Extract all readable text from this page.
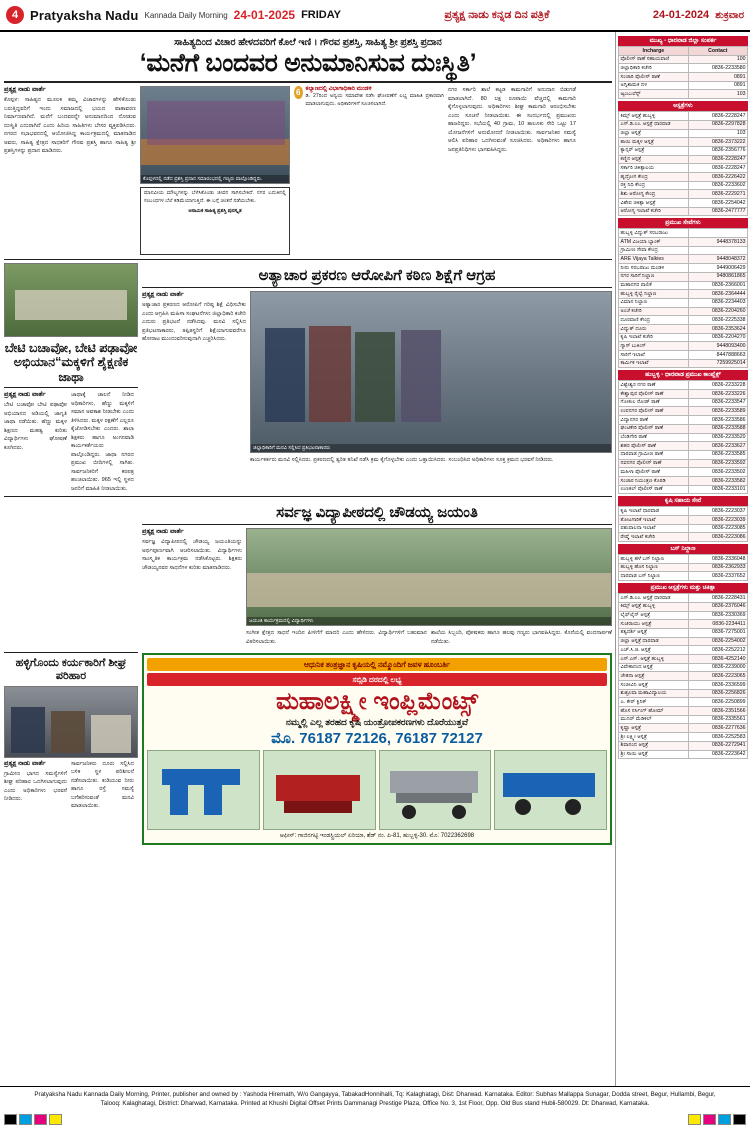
4 Pratyaksha Nadu Kannada Daily Morning 24-01-2025 FRIDAY	ಪ್ರತ್ಯಕ್ಷ ನಾಡು ಕನ್ನಡ ದಿನ ಪತ್ರಿಕೆ	24-01-2024 ಶುಕ್ರವಾರ
ಸಾಹಿತ್ಯದಿಂದ ವಿಚಾರ ಹೇಳದವರಿಗೆ ಕೊಲೆ ಇಣಿ । ಗೌರವ ಪ್ರಶಸ್ತಿ, ಸಾಹಿತ್ಯ ಶ್ರೀ ಪ್ರಶಸ್ತಿ ಪ್ರದಾನ
‘ಮನೆಗೆ ಬಂದವರ ಅನುಮಾನಿಸುವ ದುಃಸ್ಥಿತಿ’
ಪ್ರತ್ಯಕ್ಷ ನಾಡು ವಾರ್ತೆ
ಕೊಪ್ಪಳ: ಸಾಹಿತ್ಯದ ಮೂಲಕ ತಮ್ಮ ವಿಚಾರಗಳನ್ನು ಹೇಳಿಕೊಂಡು ಬರುತ್ತಿದ್ದವರಿಗೆ ಇಂದು ಸಮಾಜದಲ್ಲಿ ಭಯದ ವಾತಾವರಣ ನಿರ್ಮಾಣವಾಗಿದೆ. ಮನೆಗೆ ಬಂದವರನ್ನೇ ಅನುಮಾನದಿಂದ ನೋಡುವ ದುಃಸ್ಥಿತಿ ಎದುರಾಗಿದೆ ಎಂದು ಹಿರಿಯ ಸಾಹಿತಿಗಳು ಬೇಸರ ವ್ಯಕ್ತಪಡಿಸಿದರು. ನಗರದ ಸಭಾಭವನದಲ್ಲಿ ಆಯೋಜಿಸಿದ್ದ ಕಾರ್ಯಕ್ರಮದಲ್ಲಿ ಮಾತನಾಡಿದ ಅವರು, ಸಾಹಿತ್ಯ ಕ್ಷೇತ್ರದ ಸಾಧಕರಿಗೆ ಗೌರವ ಪ್ರಶಸ್ತಿ ಹಾಗೂ ಸಾಹಿತ್ಯ ಶ್ರೀ ಪ್ರಶಸ್ತಿಗಳನ್ನು ಪ್ರದಾನ ಮಾಡಿದರು.
ಕೊಪ್ಪಳದಲ್ಲಿ ನಡೆದ ಪ್ರಶಸ್ತಿ ಪ್ರದಾನ ಸಮಾರಂಭದಲ್ಲಿ ಗಣ್ಯರು ಪಾಲ್ಗೊಂಡಿದ್ದರು.
ಮಾನವೀಯ ಮೌಲ್ಯಗಳನ್ನು ಬೆಳೆಸಿಕೊಂಡು ಜೀವನ ಸಾಗಿಸಬೇಕಿದೆ. ನಗರ ಬದುಕಿನಲ್ಲಿ ಸಂಬಂಧಗಳ ಬೆಲೆ ಕಡಿಮೆಯಾಗುತ್ತಿದೆ. ಈ ಬಗ್ಗೆ ಚಿಂತನೆ ನಡೆಯಬೇಕು.
ಅನಾಮಿಕ ಸಾಹಿತ್ಯ ಪ್ರಶಸ್ತಿ ಪುರಸ್ಕೃತ
6 ಕಲ್ಯಾಣದಲ್ಲಿ ವಿಭಾಗಾಧಿಕಾರಿ ಮಂಡಳಿ
ಡಿ. 27ರಿಂದ ಅನ್ವಯ ಸಮಾವೇಶ ನಡೆಸಿ ಘೋಷಣೆಗೆ ಲಭ್ಯ ಮಾಹಿತಿ ಪ್ರಕಾರವಾಗಿ ಮಾಡಲಾಗುವುದು. ಅಧಿಕಾರಿಗಳಿಗೆ ಸೂಚಿಸಲಾಗಿದೆ.
ನಗರ ಸರ್ಕಾರಿ ಶಾಲೆ ಕಟ್ಟಡ ಕಾಮಗಾರಿಗೆ ಅನುದಾನ ಬಿಡುಗಡೆ ಮಾಡಲಾಗಿದೆ. 80 ಲಕ್ಷ ರೂಪಾಯಿ ವೆಚ್ಚದಲ್ಲಿ ಕಾಮಗಾರಿ ಕೈಗೊಳ್ಳಲಾಗುವುದು. ಅಧಿಕಾರಿಗಳು ಶೀಘ್ರ ಕಾಮಗಾರಿ ಆರಂಭಿಸಬೇಕು ಎಂದು ಸೂಚನೆ ನೀಡಲಾಯಿತು. ಈ ಸಂದರ್ಭದಲ್ಲಿ ಪ್ರಮುಖರು ಹಾಜರಿದ್ದರು. ಸಭೆಯಲ್ಲಿ 40 ಗ್ರಾಮ, 10 ತಾಲೂಕು ಸೇರಿ ಒಟ್ಟು 17 ಯೋಜನೆಗಳಿಗೆ ಅನುಮೋದನೆ ನೀಡಲಾಯಿತು. ಸಾರ್ವಜನಿಕರ ಸಮಸ್ಯೆ ಆಲಿಸಿ ಪರಿಹಾರ ಒದಗಿಸುವಂತೆ ಸೂಚಿಸಿದರು. ಅಧಿಕಾರಿಗಳು ಹಾಗೂ ಜನಪ್ರತಿನಿಧಿಗಳು ಭಾಗವಹಿಸಿದ್ದರು.
ಬೇಟಿ ಬಚಾವೋ, ಬೇಟಿ ಪಢಾವೋ ಅಭಿಯಾನ“ಮಕ್ಕಳಿಗೆ ಶೈಕ್ಷಣಿಕ ಜಾಥಾ
ಪ್ರತ್ಯಕ್ಷ ನಾಡು ವಾರ್ತೆ
ಬೇಟಿ ಬಚಾವೋ ಬೇಟಿ ಪಢಾವೋ ಅಭಿಯಾನದ ಅಡಿಯಲ್ಲಿ ಜಾಗೃತಿ ಜಾಥಾ ನಡೆಯಿತು. ಹೆಣ್ಣು ಮಕ್ಕಳ ಶಿಕ್ಷಣದ ಮಹತ್ವ ಕುರಿತು ವಿದ್ಯಾರ್ಥಿಗಳು ಘೋಷಣೆ ಕೂಗಿದರು.
ಜಾಥಾಕ್ಕೆ ಚಾಲನೆ ನೀಡಿದ ಅಧಿಕಾರಿಗಳು, ಹೆಣ್ಣು ಮಕ್ಕಳಿಗೆ ಸಮಾನ ಅವಕಾಶ ನೀಡಬೇಕು ಎಂದು ತಿಳಿಸಿದರು. ಮಕ್ಕಳ ರಕ್ಷಣೆಗೆ ಎಲ್ಲರೂ ಕೈಜೋಡಿಸಬೇಕು ಎಂದರು. ಶಾಲಾ ಶಿಕ್ಷಕರು ಹಾಗೂ ಅಂಗನವಾಡಿ ಕಾರ್ಯಕರ್ತೆಯರು ಪಾಲ್ಗೊಂಡಿದ್ದರು. ಜಾಥಾ ನಗರದ ಪ್ರಮುಖ ಬೀದಿಗಳಲ್ಲಿ ಸಾಗಿತು. ಸಾರ್ವಜನಿಕರಿಗೆ ಕರಪತ್ರ ಹಂಚಲಾಯಿತು. 965 ಇಲ್ಲಿ ಸ್ಥಳದ ಜನರಿಗೆ ಮಾಹಿತಿ ನೀಡಲಾಯಿತು.
ಅತ್ಯಾಚಾರ ಪ್ರಕರಣ ಆರೋಪಿಗೆ ಕಠಿಣ ಶಿಕ್ಷೆಗೆ ಆಗ್ರಹ
ಪ್ರತ್ಯಕ್ಷ ನಾಡು ವಾರ್ತೆ
ಅತ್ಯಾಚಾರ ಪ್ರಕರಣದ ಆರೋಪಿಗೆ ಗರಿಷ್ಠ ಶಿಕ್ಷೆ ವಿಧಿಸಬೇಕು ಎಂದು ಆಗ್ರಹಿಸಿ ಮಹಿಳಾ ಸಂಘಟನೆಗಳು ಜಿಲ್ಲಾಧಿಕಾರಿ ಕಚೇರಿ ಎದುರು ಪ್ರತಿಭಟನೆ ನಡೆಸಿದವು. ಮನವಿ ಸಲ್ಲಿಸಿದ ಪ್ರತಿಭಟನಾಕಾರರು, ತಪ್ಪಿತಸ್ಥರಿಗೆ ಶಿಕ್ಷೆಯಾಗುವವರೆಗೂ ಹೋರಾಟ ಮುಂದುವರಿಸುವುದಾಗಿ ಎಚ್ಚರಿಸಿದರು.
ಜಿಲ್ಲಾಧಿಕಾರಿಗೆ ಮನವಿ ಸಲ್ಲಿಸಿದ ಪ್ರತಿಭಟನಾಕಾರರು
ಕಾರ್ಯಕರ್ತರು ಮನವಿ ಸಲ್ಲಿಸಿದರು. ಪ್ರಕರಣದಲ್ಲಿ ತ್ವರಿತ ತನಿಖೆ ನಡೆಸಿ ಕ್ರಮ ಕೈಗೊಳ್ಳಬೇಕು ಎಂದು ಒತ್ತಾಯಿಸಿದರು. ಸಂಬಂಧಿಸಿದ ಅಧಿಕಾರಿಗಳು ಸೂಕ್ತ ಕ್ರಮದ ಭರವಸೆ ನೀಡಿದರು.
ಸರ್ವಜ್ಞ ವಿದ್ಯಾಪೀಠದಲ್ಲಿ ಚೌಡಯ್ಯ ಜಯಂತಿ
ಪ್ರತ್ಯಕ್ಷ ನಾಡು ವಾರ್ತೆ
ಸರ್ವಜ್ಞ ವಿದ್ಯಾಪೀಠದಲ್ಲಿ ಚೌಡಯ್ಯ ಜಯಂತಿಯನ್ನು ಅರ್ಥಪೂರ್ಣವಾಗಿ ಆಚರಿಸಲಾಯಿತು. ವಿದ್ಯಾರ್ಥಿಗಳು ಸಾಂಸ್ಕೃತಿಕ ಕಾರ್ಯಕ್ರಮ ನಡೆಸಿಕೊಟ್ಟರು. ಶಿಕ್ಷಕರು ಚೌಡಯ್ಯನವರ ಸಾಧನೆಗಳ ಕುರಿತು ಮಾತನಾಡಿದರು.
ಜಯಂತಿ ಕಾರ್ಯಕ್ರಮದಲ್ಲಿ ವಿದ್ಯಾರ್ಥಿಗಳು
ಸಂಗೀತ ಕ್ಷೇತ್ರದ ಸಾಧನೆ ಇಂದಿನ ಪೀಳಿಗೆಗೆ ಮಾದರಿ ಎಂದು ಹೇಳಿದರು. ವಿದ್ಯಾರ್ಥಿಗಳಿಗೆ ಬಹುಮಾನ ವಿತರಿಸಲಾಯಿತು.
ಶಾಲೆಯ ಸಿಬ್ಬಂದಿ, ಪೋಷಕರು ಹಾಗೂ ಹಲವು ಗಣ್ಯರು ಭಾಗವಹಿಸಿದ್ದರು. ಕೊನೆಯಲ್ಲಿ ವಂದನಾರ್ಪಣೆ ನಡೆಯಿತು.
ಹಳ್ಳಿಗೊಂದು ಕರ್ಯಕಾರಿಗೆ ಶೀಘ್ರ ಪರಿಹಾರ
ಪ್ರತ್ಯಕ್ಷ ನಾಡು ವಾರ್ತೆ
ಗ್ರಾಮೀಣ ಭಾಗದ ಸಮಸ್ಯೆಗಳಿಗೆ ಶೀಘ್ರ ಪರಿಹಾರ ಒದಗಿಸಲಾಗುವುದು ಎಂದು ಅಧಿಕಾರಿಗಳು ಭರವಸೆ ನೀಡಿದರು.
ಸಾರ್ವಜನಿಕರು ದೂರು ಸಲ್ಲಿಸಿದ ಬಳಿಕ ಸ್ಥಳ ಪರಿಶೀಲನೆ ನಡೆಸಲಾಯಿತು. ಕುಡಿಯುವ ನೀರು ಹಾಗೂ ರಸ್ತೆ ಸಮಸ್ಯೆ ಬಗೆಹರಿಸುವಂತೆ ಮನವಿ ಮಾಡಲಾಯಿತು.
ಆಧುನಿಕ ತಂತ್ರಜ್ಞಾನ ಕೃಷಿಯಲ್ಲಿ ನಮ್ಮೊಂದಿಗೆ ಜವಳ ಹೂಂಬರ್ತಿ
ಸಬ್ಸಿಡಿ ದರದಲ್ಲಿ ಲಭ್ಯ
ಮಹಾಲಕ್ಷ್ಮೀ ಇಂಪ್ಲಿಮೆಂಟ್ಸ್
ನಮ್ಮಲ್ಲಿ ಎಲ್ಲ ತರಹದ ಕೃಷಿ ಯಂತ್ರೋಪಕರಣಗಳು ದೊರೆಯುತ್ತವೆ
ಮೊ. 76187 72126, 76187 72127
ಆಫೀಸ್: ಗಾಜಿನಗಟ್ಟಿ ಇಂಡಸ್ಟ್ರಿಯಲ್ ಏರಿಯಾ, ಶೆಡ್ ನಂ. ಪಿ-81, ಹುಬ್ಬಳ್ಳಿ-30. ಮೊ: 7022362698
ಮುಖ್ಯ - ಧಾರವಾಡ ಜಿಲ್ಲಾ ಸಂಪರ್ಕ
Incharge	Contact
ಪೊಲೀಸ್ ಠಾಣೆ ಸಹಾಯವಾಣಿ	100
ಜಿಲ್ಲಾಧಿಕಾರಿ ಕಚೇರಿ	0836-2233580
ಸಂಚಾರಿ ಪೊಲೀಸ್ ಠಾಣೆ	0891
ಅಗ್ನಿಶಾಮಕ ದಳ	0891
ಆ್ಯಂಬುಲೆನ್ಸ್	103
ಆಸ್ಪತ್ರೆಗಳು
ಕಿಮ್ಸ್ ಆಸ್ಪತ್ರೆ ಹುಬ್ಬಳ್ಳಿ	0836-2228247
ಎಸ್.ಡಿ.ಎಂ. ಆಸ್ಪತ್ರೆ ಧಾರವಾಡ	0836-2297828
ಜಿಲ್ಲಾ ಆಸ್ಪತ್ರೆ	103
ತಾಯಿ ಮಕ್ಕಳ ಆಸ್ಪತ್ರೆ	0836-2373222
ಕ್ಯಾನ್ಸರ್ ಆಸ್ಪತ್ರೆ	0836-2356776
ಕಣ್ಣಿನ ಆಸ್ಪತ್ರೆ	0836-2228247
ಸರ್ಕಾರಿ ಚಿಕಿತ್ಸಾಲಯ	0836-2228247
ಹೃದ್ರೋಗ ಕೇಂದ್ರ	0836-2226422
ರಕ್ತ ನಿಧಿ ಕೇಂದ್ರ	0836-2233602
ಶಿಶು ಆರೋಗ್ಯ ಕೇಂದ್ರ	0836-2229271
ವಿಶೇಷ ಚಿಕಿತ್ಸಾ ಆಸ್ಪತ್ರೆ	0836-2254042
ಆರೋಗ್ಯ ಇಲಾಖೆ ಕಚೇರಿ	0836-2477777
ಪ್ರಮುಖ ಸೇವೆಗಳು
ಹುಬ್ಬಳ್ಳಿ ವಿದ್ಯುತ್ ಸರಬರಾಜು	
ATM ವಿಜಯಾ ಬ್ಯಾಂಕ್	9448378133
ಗ್ರಾಮೀಣ ಸೇವಾ ಕೇಂದ್ರ	
ARE Vijaya Talkies	9448048372
ನೀರು ಸರಬರಾಜು ಮಂಡಳಿ	9449006429
ನಗರ ಸಾರಿಗೆ ನಿಲ್ದಾಣ	9480861865
ಮಹಾನಗರ ಪಾಲಿಕೆ	0836-2366001
ಹುಬ್ಬಳ್ಳಿ ರೈಲ್ವೆ ನಿಲ್ದಾಣ	0836-2364444
ವಿಮಾನ ನಿಲ್ದಾಣ	0836-2234403
ಅಂಚೆ ಕಚೇರಿ	0836-2204260
ದೂರವಾಣಿ ಕೇಂದ್ರ	0836-2225338
ವಿದ್ಯುತ್ ದೂರು	0836-2353624
ಕೃಷಿ ಇಲಾಖೆ ಕಚೇರಿ	0836-2204270
ಗ್ಯಾಸ್ ಬುಕಿಂಗ್	9448093400
ಸಾರಿಗೆ ಇಲಾಖೆ	8447888663
ಕಾರ್ಮಿಕ ಇಲಾಖೆ	7259925014
ಹುಬ್ಬಳ್ಳಿ - ಧಾರವಾಡ ಪ್ರಮುಖ ಕಾಂಪ್ಲೆಕ್ಸ್
ವಿಶ್ವೇಶ್ವರ ನಗರ ಠಾಣೆ	0836-2233228
ಕೇಶ್ವಾಪುರ ಪೊಲೀಸ್ ಠಾಣೆ	0836-2233226
ಗೋಕುಲ ರೋಡ್ ಠಾಣೆ	0836-2233547
ಉಪನಗರ ಪೊಲೀಸ್ ಠಾಣೆ	0836-2233589
ವಿದ್ಯಾನಗರ ಠಾಣೆ	0836-2233586
ಘಂಟಿಕೇರಿ ಪೊಲೀಸ್ ಠಾಣೆ	0836-2233588
ಬೆಂಡಿಗೇರಿ ಠಾಣೆ	0836-2233520
ಶಹರ ಪೊಲೀಸ್ ಠಾಣೆ	0836-2233627
ಧಾರವಾಡ ಗ್ರಾಮೀಣ ಠಾಣೆ	0836-2233585
ನವನಗರ ಪೊಲೀಸ್ ಠಾಣೆ	0836-2233592
ಮಹಿಳಾ ಪೊಲೀಸ್ ಠಾಣೆ	0836-2233502
ಸಂಚಾರ ನಿಯಂತ್ರಣ ಕೊಠಡಿ	0836-2233582
ಉಣಕಲ್ ಪೊಲೀಸ್ ಠಾಣೆ	0836-2233101
ಕೃಷಿ ಸಹಾಯ ಸೇವೆ
ಕೃಷಿ ಇಲಾಖೆ ಧಾರವಾಡ	0836-2223037
ತೋಟಗಾರಿಕೆ ಇಲಾಖೆ	0836-2223039
ಪಶುಪಾಲನಾ ಇಲಾಖೆ	0836-2223085
ರೇಷ್ಮೆ ಇಲಾಖೆ ಕಚೇರಿ	0836-2223086
ಬಸ್ ನಿಲ್ದಾಣ
ಹುಬ್ಬಳ್ಳಿ ಹಳೆ ಬಸ್ ನಿಲ್ದಾಣ	0836-2336048
ಹುಬ್ಬಳ್ಳಿ ಹೊಸ ನಿಲ್ದಾಣ	0836-2362933
ಧಾರವಾಡ ಬಸ್ ನಿಲ್ದಾಣ	0836-2337652
ಪ್ರಮುಖ ಆಸ್ಪತ್ರೆಗಳು ಮತ್ತು ಚಿಕಿತ್ಸಾ
ಎಸ್.ಡಿ.ಎಂ. ಆಸ್ಪತ್ರೆ ಧಾರವಾಡ	0836-2228431
ಕಿಮ್ಸ್ ಆಸ್ಪತ್ರೆ ಹುಬ್ಬಳ್ಳಿ	0836-2376046
ಲೈಫ್‌ಲೈನ್ ಆಸ್ಪತ್ರೆ	0836-2330369
ಸುಚಿರಾಯು ಆಸ್ಪತ್ರೆ	0836-2234411
ತತ್ವದರ್ಶಿ ಆಸ್ಪತ್ರೆ	0836-7275001
ಜಿಲ್ಲಾ ಆಸ್ಪತ್ರೆ ಧಾರವಾಡ	0836-2254002
ಎಚ್.ಸಿ.ಜಿ. ಆಸ್ಪತ್ರೆ	0836-2252212
ಎಸ್.ಎಸ್. ಆಸ್ಪತ್ರೆ ಹುಬ್ಬಳ್ಳಿ	0836-4252140
ವಿವೇಕಾನಂದ ಆಸ್ಪತ್ರೆ	0836-2239000
ಚೇತನಾ ಆಸ್ಪತ್ರೆ	0836-2223065
ಸಂಜೀವಿನಿ ಆಸ್ಪತ್ರೆ	0836-2336599
ಶುಶ್ರೂಷಾ ಮಹಾವಿದ್ಯಾಲಯ	0836-2256826
ಎ. ಕೇರ್ ಕ್ಲಿನಿಕ್	0836-2250899
ಹೊಸ ನರ್ಸಿಂಗ್ ಹೋಮ್	0836-2351566
ಮುನಿರ್ ಮೆಡಿಕಲ್	0836-2335561
ಕೃಷ್ಣಾ ಆಸ್ಪತ್ರೆ	0836-2277636
ಶ್ರೀ ಲಕ್ಷ್ಮೀ ಆಸ್ಪತ್ರೆ	0836-2252583
ಶಿವಾನಂದ ಆಸ್ಪತ್ರೆ	0836-2272941
ಶ್ರೀ ಸಾಯಿ ಆಸ್ಪತ್ರೆ	0836-2223642
Pratyaksha Nadu Kannada Daily Morning, Printer, publisher and owned by : Yashoda Hiremath, W/o Gangayya, TabakadHonnihalli, Tq: Kalaghatagi, Dist: Dharwad. Karnataka. Editor: Subhas Mallappa Sunagar, Dodda street, Begur, Hullambi, Begur, Talooq: Kalaghatagi, District: Dharwad, Karnataka. Printed at Khushi Digital Offset Prints Dammanagi Prestige Plaza, Office No. 3, 1st Floor, Opp. Old Bus stand Hubli-580029. Dt: Dharwad, Karnataka.
